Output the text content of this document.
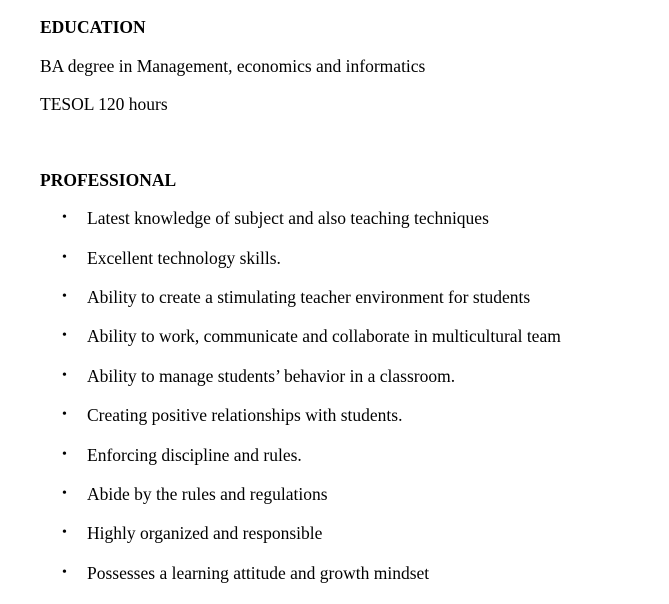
EDUCATION
BA degree in Management, economics and informatics
TESOL 120 hours
PROFESSIONAL
• Latest knowledge of subject and also teaching techniques
• Excellent technology skills.
• Ability to create a stimulating teacher environment for students
• Ability to work, communicate and collaborate in multicultural team
• Ability to manage students’ behavior in a classroom.
• Creating positive relationships with students.
• Enforcing discipline and rules.
• Abide by the rules and regulations
• Highly organized and responsible
• Possesses a learning attitude and growth mindset
